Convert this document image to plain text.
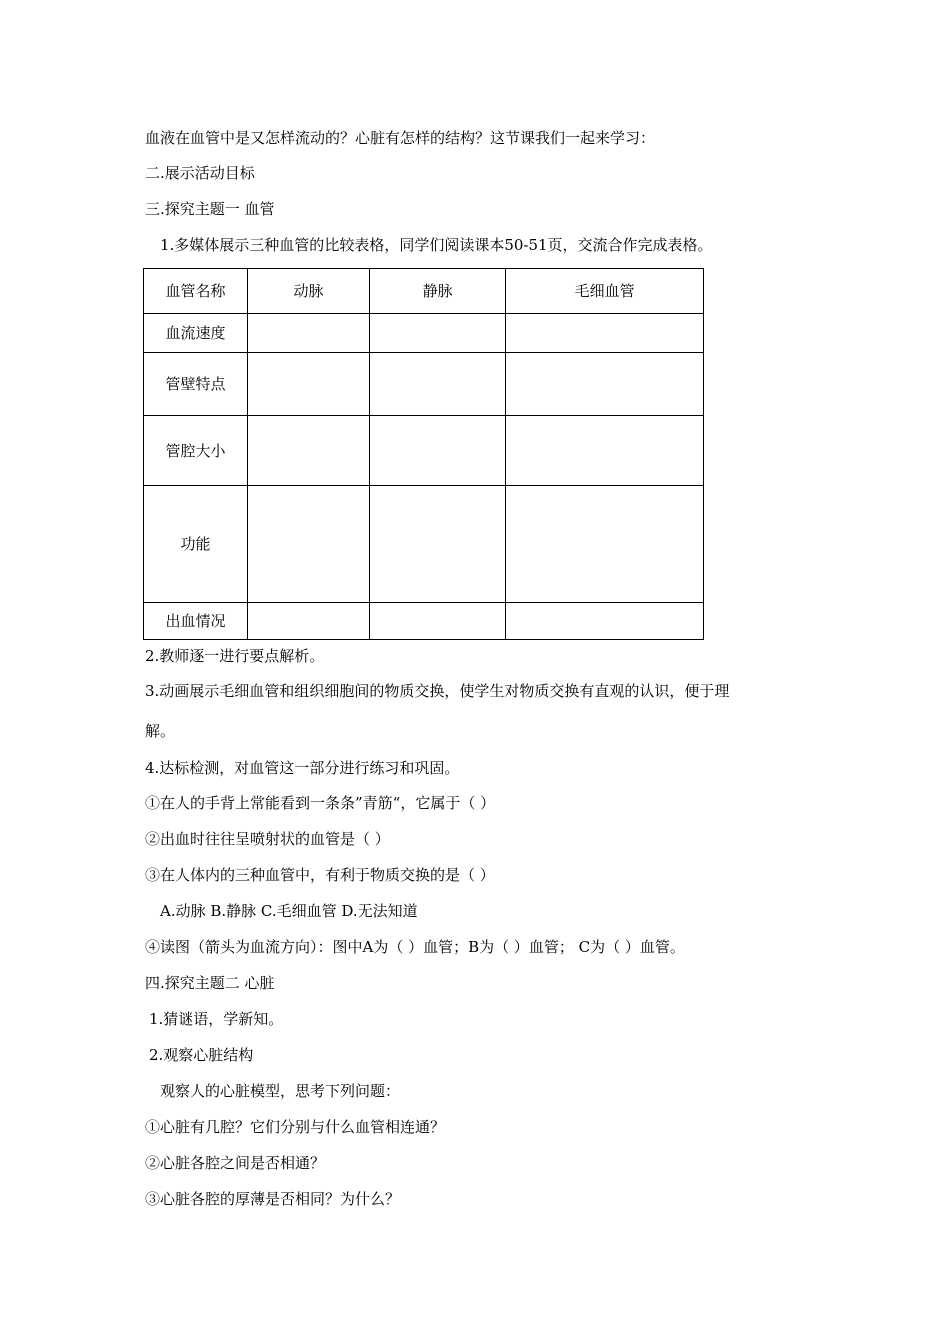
血液在血管中是又怎样流动的？心脏有怎样的结构？这节课我们一起来学习：
二.展示活动目标
三.探究主题一 血管
1.多媒体展示三种血管的比较表格，同学们阅读课本50-51页，交流合作完成表格。
血管名称	动脉	静脉	毛细血管
血流速度			
管壁特点			
管腔大小			
功能			
出血情况			
2.教师逐一进行要点解析。
3.动画展示毛细血管和组织细胞间的物质交换，使学生对物质交换有直观的认识，便于理
解。
4.达标检测，对血管这一部分进行练习和巩固。
①在人的手背上常能看到一条条”青筋“，它属于（ ）
②出血时往往呈喷射状的血管是（ ）
③在人体内的三种血管中，有利于物质交换的是（ ）
A.动脉 B.静脉 C.毛细血管 D.无法知道
④读图（箭头为血流方向）：图中A为（ ）血管；B为（ ）血管； C为（ ）血管。
四.探究主题二 心脏
1.猜谜语，学新知。
2.观察心脏结构
观察人的心脏模型，思考下列问题：
①心脏有几腔？它们分别与什么血管相连通？
②心脏各腔之间是否相通？
③心脏各腔的厚薄是否相同？为什么？
